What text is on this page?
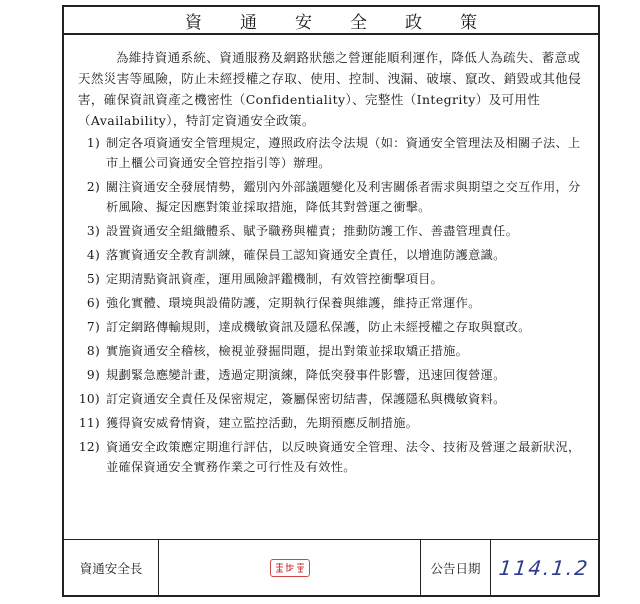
資通安全政策

為維持資通系統、資通服務及網路狀態之營運能順利運作，降低人為疏失、蓄意或天然災害等風險，防止未經授權之存取、使用、控制、洩漏、破壞、竄改、銷毀或其他侵害，確保資訊資產之機密性（Confidentiality）、完整性（Integrity）及可用性（Availability），特訂定資通安全政策。

1) 制定各項資通安全管理規定，遵照政府法令法規（如：資通安全管理法及相關子法、上市上櫃公司資通安全管控指引等）辦理。
2) 關注資通安全發展情勢，鑑別內外部議題變化及利害關係者需求與期望之交互作用，分析風險、擬定因應對策並採取措施，降低其對營運之衝擊。
3) 設置資通安全組織體系、賦予職務與權責；推動防護工作、善盡管理責任。
4) 落實資通安全教育訓練，確保員工認知資通安全責任，以增進防護意識。
5) 定期清點資訊資產，運用風險評鑑機制，有效管控衝擊項目。
6) 強化實體、環境與設備防護，定期執行保養與維護，維持正常運作。
7) 訂定網路傳輸規則，達成機敏資訊及隱私保護，防止未經授權之存取與竄改。
8) 實施資通安全稽核，檢視並發掘問題，提出對策並採取矯正措施。
9) 規劃緊急應變計畫，透過定期演練，降低突發事件影響，迅速回復營運。
10) 訂定資通安全責任及保密規定，簽屬保密切結書，保護隱私與機敏資料。
11) 獲得資安威脅情資，建立監控活動，先期預應反制措施。
12) 資通安全政策應定期進行評估，以反映資通安全管理、法令、技術及營運之最新狀況，並確保資通安全實務作業之可行性及有效性。
資通安全長	公告日期 114.1.2
